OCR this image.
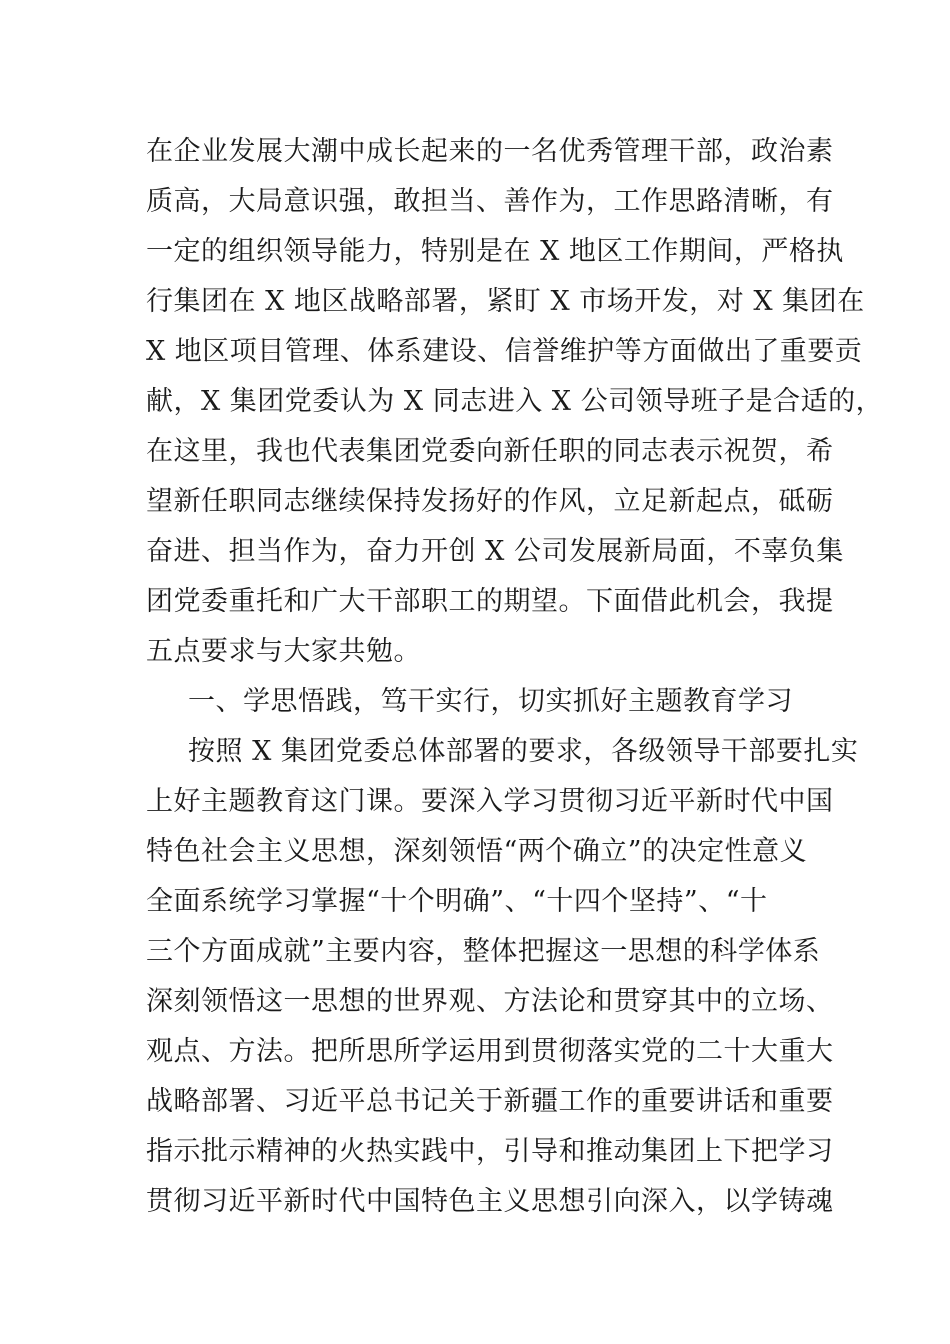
在企业发展大潮中成长起来的一名优秀管理干部，政治素
质高，大局意识强，敢担当、善作为，工作思路清晰，有
一定的组织领导能力，特别是在 X 地区工作期间，严格执
行集团在 X 地区战略部署，紧盯 X 市场开发，对 X 集团在
X 地区项目管理、体系建设、信誉维护等方面做出了重要贡
献，X 集团党委认为 X 同志进入 X 公司领导班子是合适的，
在这里，我也代表集团党委向新任职的同志表示祝贺，希
望新任职同志继续保持发扬好的作风，立足新起点，砥砺
奋进、担当作为，奋力开创 X 公司发展新局面，不辜负集
团党委重托和广大干部职工的期望。下面借此机会，我提
五点要求与大家共勉。
一、学思悟践，笃干实行，切实抓好主题教育学习
按照 X 集团党委总体部署的要求，各级领导干部要扎实
上好主题教育这门课。要深入学习贯彻习近平新时代中国
特色社会主义思想，深刻领悟“两个确立”的决定性意义
全面系统学习掌握“十个明确”、“十四个坚持”、“十
三个方面成就”主要内容，整体把握这一思想的科学体系
深刻领悟这一思想的世界观、方法论和贯穿其中的立场、
观点、方法。把所思所学运用到贯彻落实党的二十大重大
战略部署、习近平总书记关于新疆工作的重要讲话和重要
指示批示精神的火热实践中，引导和推动集团上下把学习
贯彻习近平新时代中国特色主义思想引向深入，以学铸魂
